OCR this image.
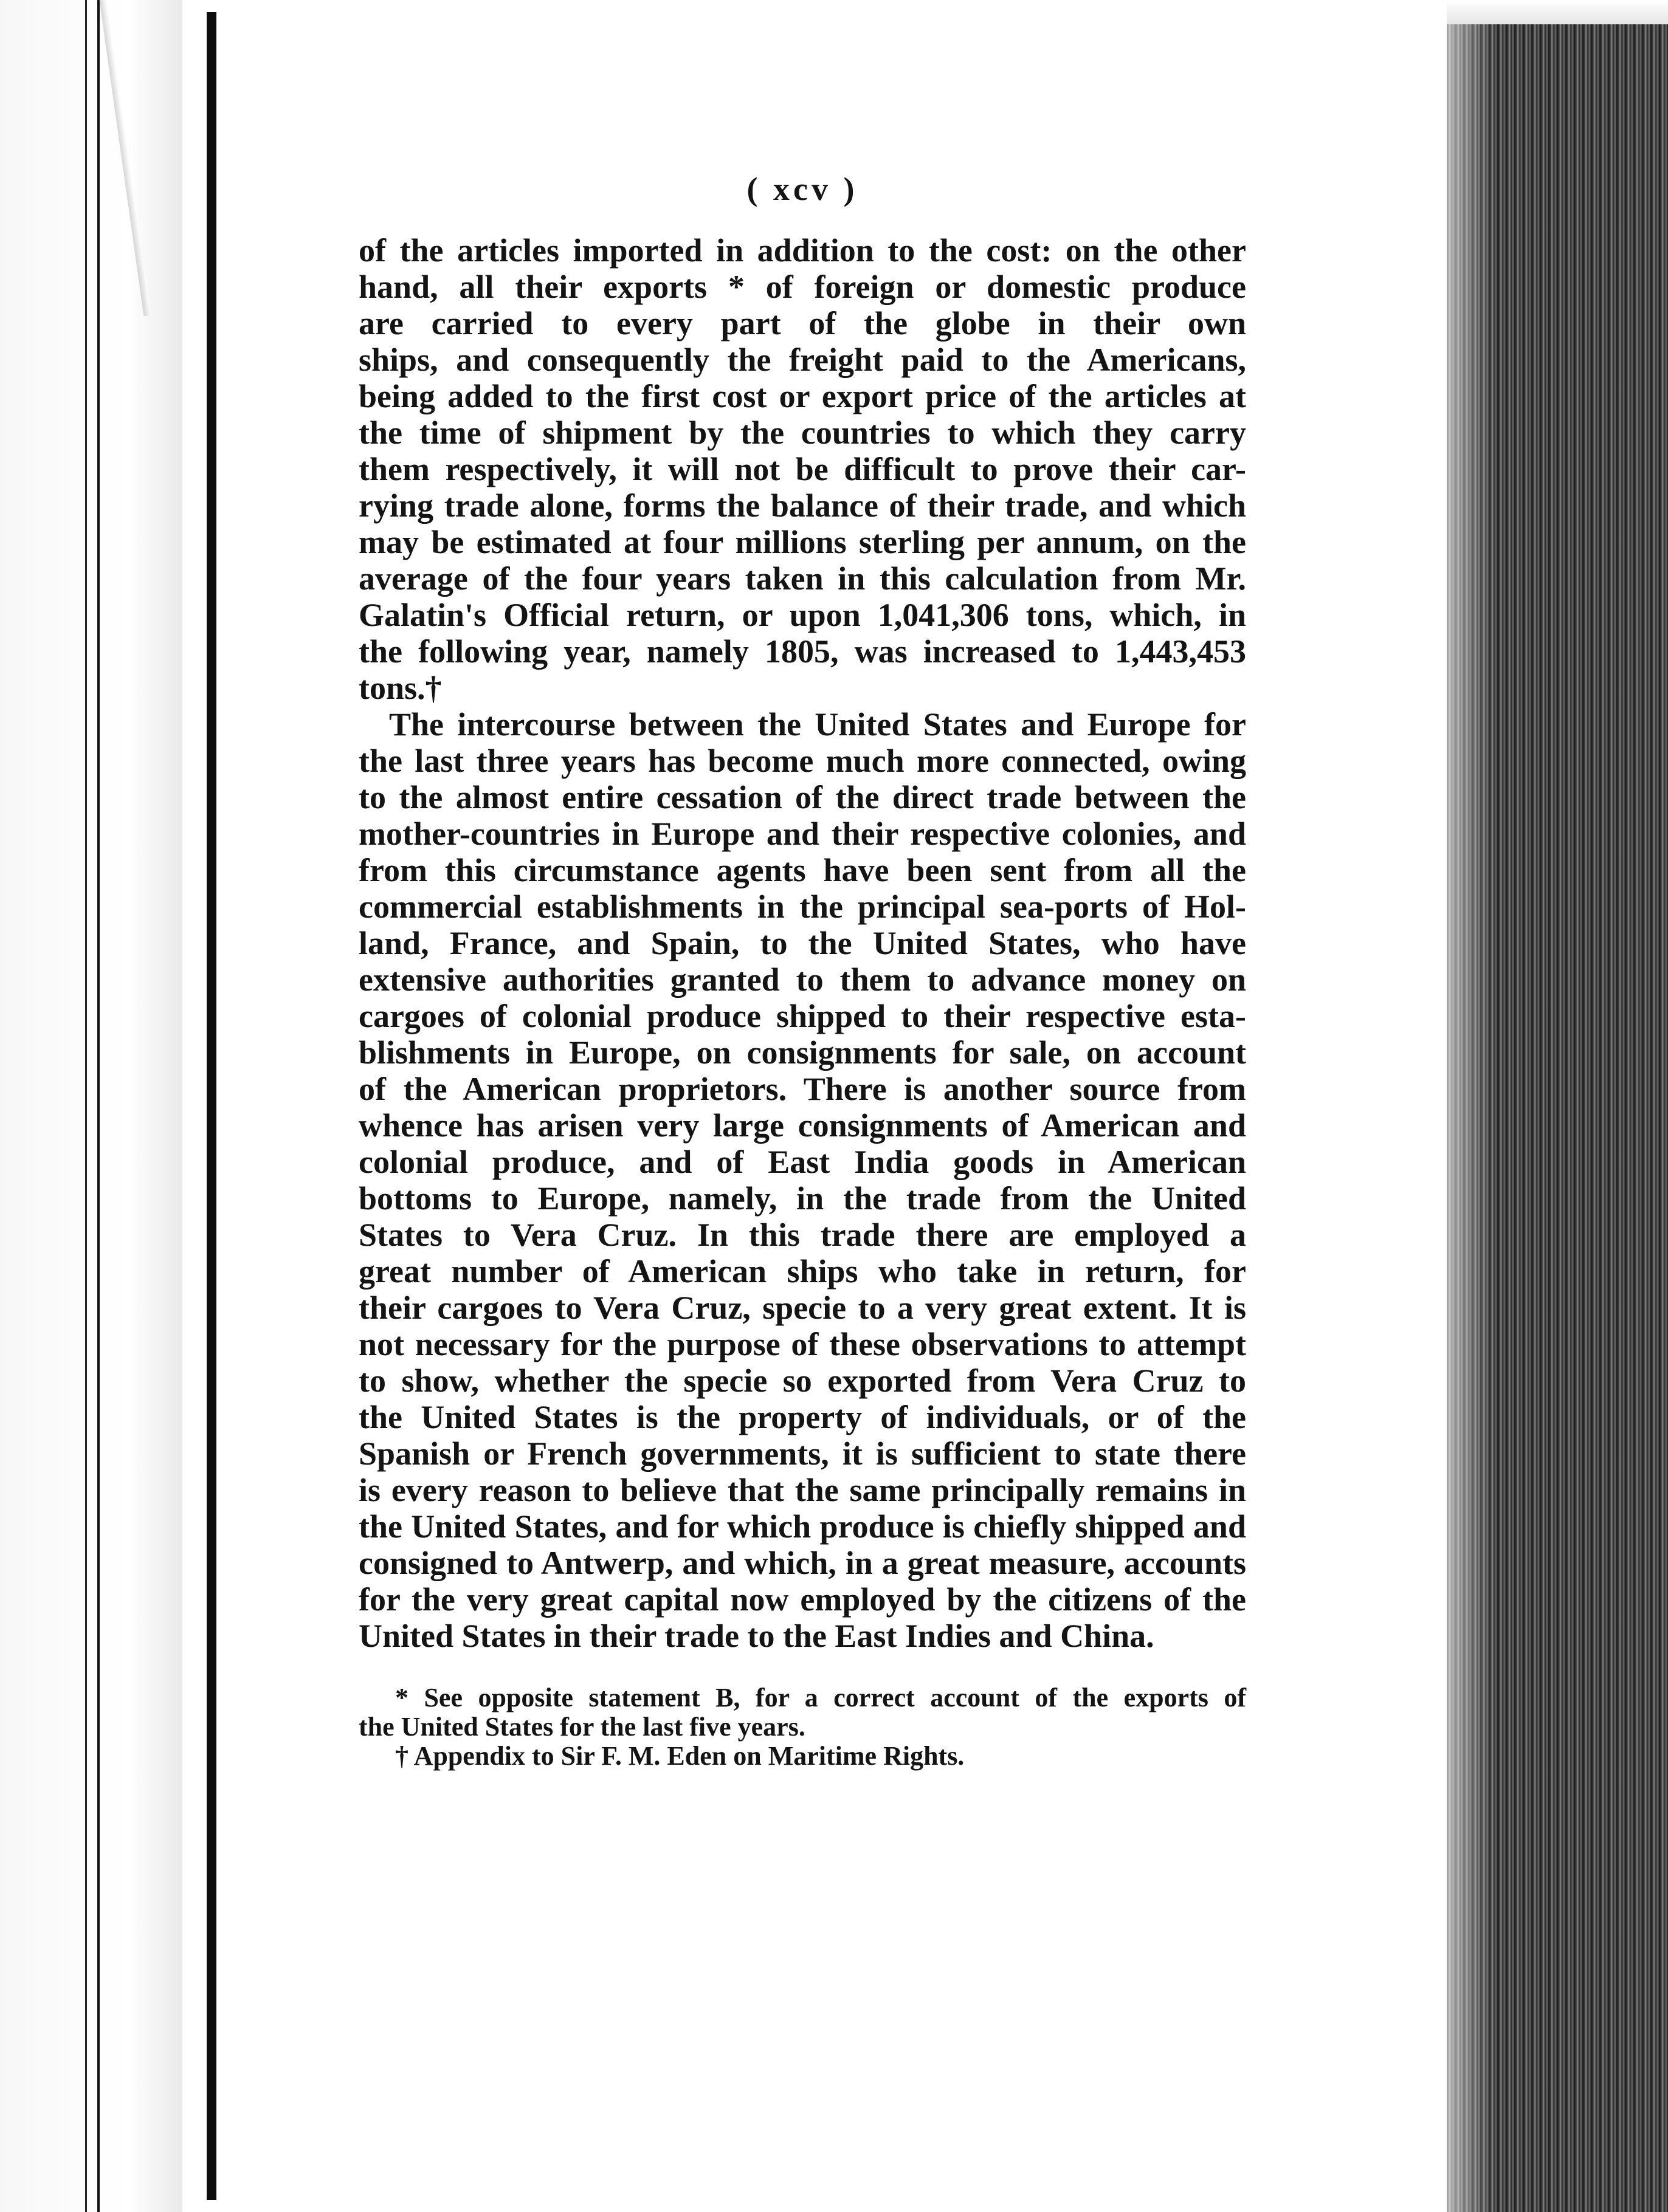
( xcv )
of the articles imported in addition to the cost: on the other
hand, all their exports * of foreign or domestic produce
are carried to every part of the globe in their own
ships, and consequently the freight paid to the Americans,
being added to the first cost or export price of the articles at
the time of shipment by the countries to which they carry
them respectively, it will not be difficult to prove their car-
rying trade alone, forms the balance of their trade, and which
may be estimated at four millions sterling per annum, on the
average of the four years taken in this calculation from Mr.
Galatin's Official return, or upon 1,041,306 tons, which, in
the following year, namely 1805, was increased to 1,443,453
tons.†
The intercourse between the United States and Europe for
the last three years has become much more connected, owing
to the almost entire cessation of the direct trade between the
mother-countries in Europe and their respective colonies, and
from this circumstance agents have been sent from all the
commercial establishments in the principal sea-ports of Hol-
land, France, and Spain, to the United States, who have
extensive authorities granted to them to advance money on
cargoes of colonial produce shipped to their respective esta-
blishments in Europe, on consignments for sale, on account
of the American proprietors. There is another source from
whence has arisen very large consignments of American and
colonial produce, and of East India goods in American
bottoms to Europe, namely, in the trade from the United
States to Vera Cruz. In this trade there are employed a
great number of American ships who take in return, for
their cargoes to Vera Cruz, specie to a very great extent. It is
not necessary for the purpose of these observations to attempt
to show, whether the specie so exported from Vera Cruz to
the United States is the property of individuals, or of the
Spanish or French governments, it is sufficient to state there
is every reason to believe that the same principally remains in
the United States, and for which produce is chiefly shipped and
consigned to Antwerp, and which, in a great measure, accounts
for the very great capital now employed by the citizens of the
United States in their trade to the East Indies and China.
* See opposite statement B, for a correct account of the exports of
the United States for the last five years.
† Appendix to Sir F. M. Eden on Maritime Rights.
